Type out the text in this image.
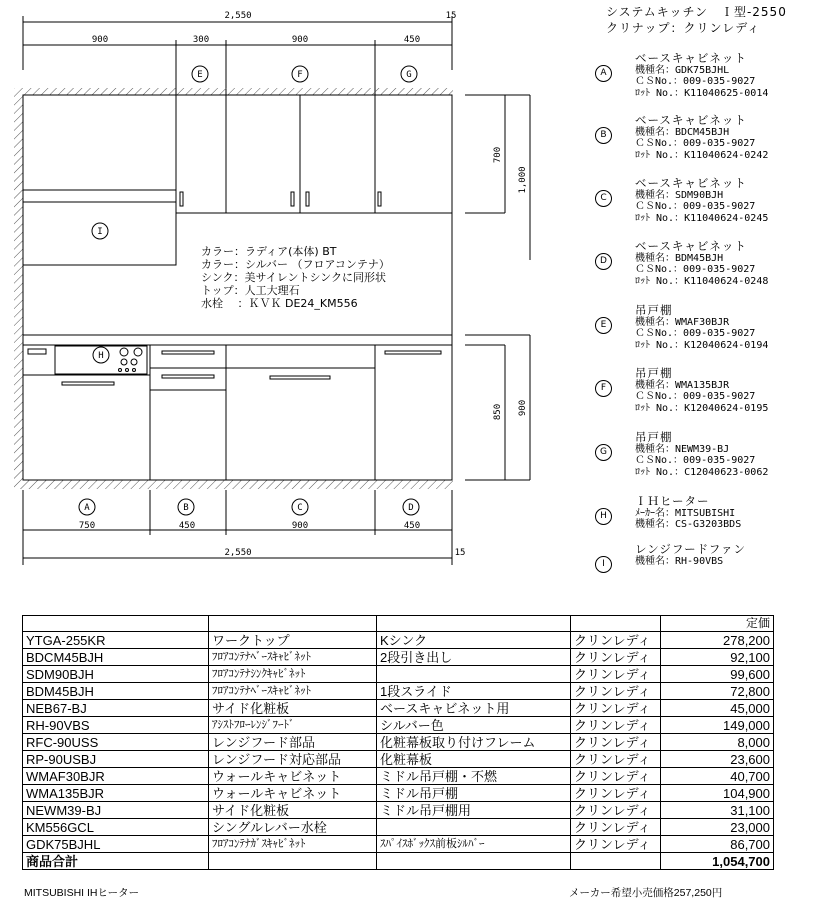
2,550	15
900	300	900	450
E	F	G
I
H
A	B	C	D
750	450	900	450
2,550	15
700
1,000
850 900
カラー：ラディア(本体) BT
カラー：シルバー （フロアコンテナ）
シンク：美サイレントシンクに同形状
トップ：人工大理石
水栓 　：ＫＶＫ DE24_KM556
システムキッチン　Ｉ型-2550
クリナップ：クリンレディ
A
ベースキャビネット
機種名：GDK75BJHL
ＣＳNo.：009-035-9027
ﾛｯﾄ No.：K11040625-0014
B
ベースキャビネット
機種名：BDCM45BJH
ＣＳNo.：009-035-9027
ﾛｯﾄ No.：K11040624-0242
C
ベースキャビネット
機種名：SDM90BJH
ＣＳNo.：009-035-9027
ﾛｯﾄ No.：K11040624-0245
D
ベースキャビネット
機種名：BDM45BJH
ＣＳNo.：009-035-9027
ﾛｯﾄ No.：K11040624-0248
E
吊戸棚
機種名：WMAF30BJR
ＣＳNo.：009-035-9027
ﾛｯﾄ No.：K12040624-0194
F
吊戸棚
機種名：WMA135BJR
ＣＳNo.：009-035-9027
ﾛｯﾄ No.：K12040624-0195
G
吊戸棚
機種名：NEWM39-BJ
ＣＳNo.：009-035-9027
ﾛｯﾄ No.：C12040623-0062
H
ＩＨヒーター
ﾒｰｶｰ名：MITSUBISHI
機種名：CS-G3203BDS
I
レンジフードファン
機種名：RH-90VBS
				定価
YTGA-255KR	ワークトップ	Kシンク	クリンレディ	278,200
BDCM45BJH	ﾌﾛｱｺﾝﾃﾅﾍﾞｰｽｷｬﾋﾞﾈｯﾄ	2段引き出し	クリンレディ	92,100
SDM90BJH	ﾌﾛｱｺﾝﾃﾅｼﾝｸｷｬﾋﾞﾈｯﾄ		クリンレディ	99,600
BDM45BJH	ﾌﾛｱｺﾝﾃﾅﾍﾞｰｽｷｬﾋﾞﾈｯﾄ	1段スライド	クリンレディ	72,800
NEB67-BJ	サイド化粧板	ベースキャビネット用	クリンレディ	45,000
RH-90VBS	ｱｼｽﾄﾌﾛｰﾚﾝｼﾞﾌｰﾄﾞ	シルバー色	クリンレディ	149,000
RFC-90USS	レンジフード部品	化粧幕板取り付けフレーム	クリンレディ	8,000
RP-90USBJ	レンジフード対応部品	化粧幕板	クリンレディ	23,600
WMAF30BJR	ウォールキャビネット	ミドル吊戸棚・不燃	クリンレディ	40,700
WMA135BJR	ウォールキャビネット	ミドル吊戸棚	クリンレディ	104,900
NEWM39-BJ	サイド化粧板	ミドル吊戸棚用	クリンレディ	31,100
KM556GCL	シングルレバー水栓		クリンレディ	23,000
GDK75BJHL	ﾌﾛｱｺﾝﾃﾅｶﾞｽｷｬﾋﾞﾈｯﾄ	ｽﾊﾟｲｽﾎﾞｯｸｽ前板ｼﾙﾊﾞｰ	クリンレディ	86,700
商品合計				1,054,700
MITSUBISHI IHヒーター	メーカー希望小売価格257,250円
